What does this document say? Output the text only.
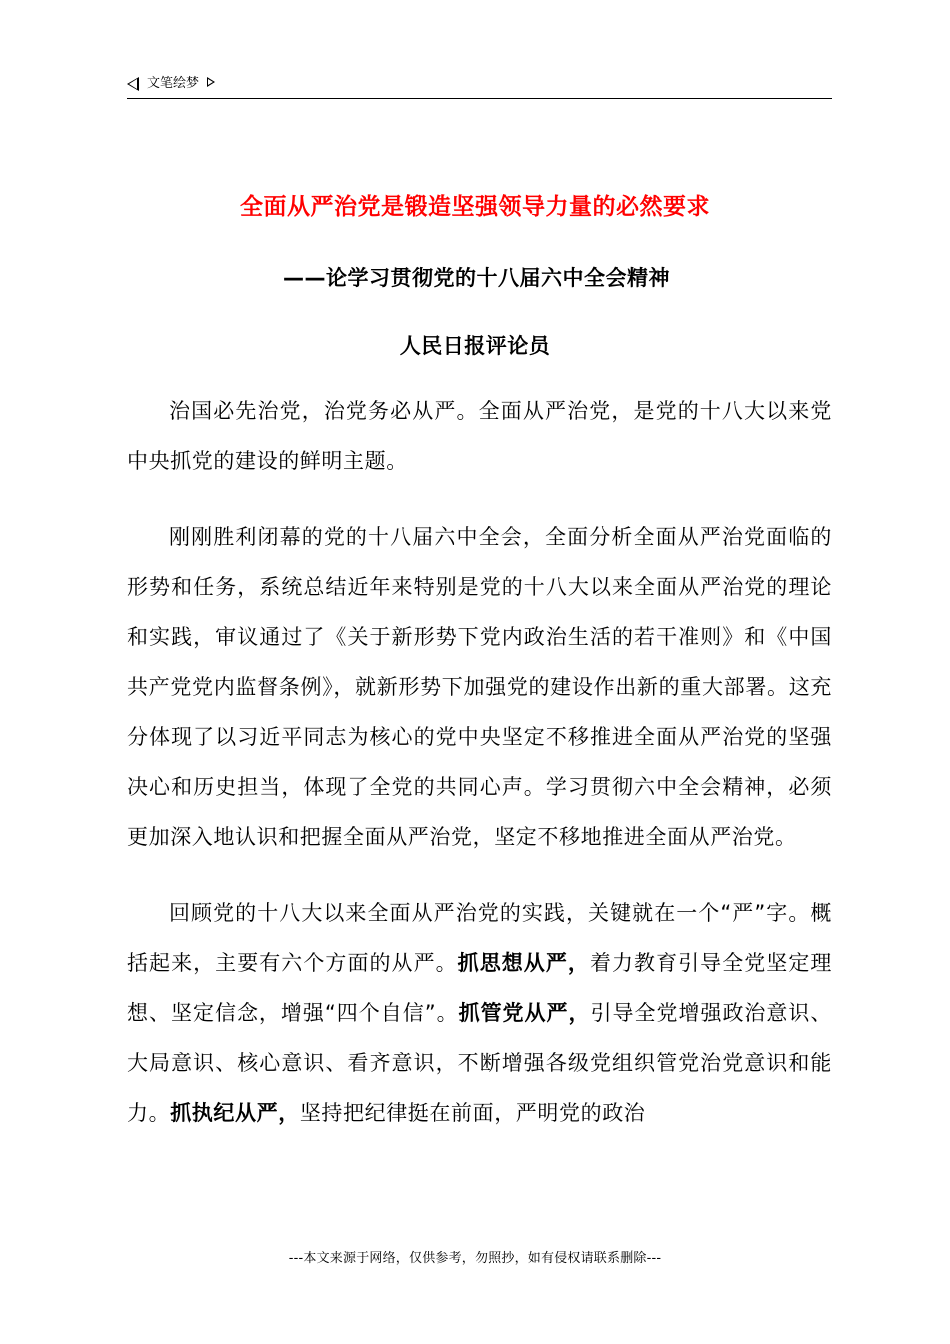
文笔绘梦
全面从严治党是锻造坚强领导力量的必然要求
——论学习贯彻党的十八届六中全会精神
人民日报评论员

治国必先治党，治党务必从严。全面从严治党，是党的十八大以来党中央抓党的建设的鲜明主题。

刚刚胜利闭幕的党的十八届六中全会，全面分析全面从严治党面临的形势和任务，系统总结近年来特别是党的十八大以来全面从严治党的理论和实践，审议通过了《关于新形势下党内政治生活的若干准则》和《中国共产党党内监督条例》，就新形势下加强党的建设作出新的重大部署。这充分体现了以习近平同志为核心的党中央坚定不移推进全面从严治党的坚强决心和历史担当，体现了全党的共同心声。学习贯彻六中全会精神，必须更加深入地认识和把握全面从严治党，坚定不移地推进全面从严治党。

回顾党的十八大以来全面从严治党的实践，关键就在一个“严”字。概括起来，主要有六个方面的从严。抓思想从严，着力教育引导全党坚定理想、坚定信念，增强“四个自信”。抓管党从严，引导全党增强政治意识、大局意识、核心意识、看齐意识，不断增强各级党组织管党治党意识和能力。抓执纪从严，坚持把纪律挺在前面，严明党的政治

---本文来源于网络，仅供参考，勿照抄，如有侵权请联系删除---
